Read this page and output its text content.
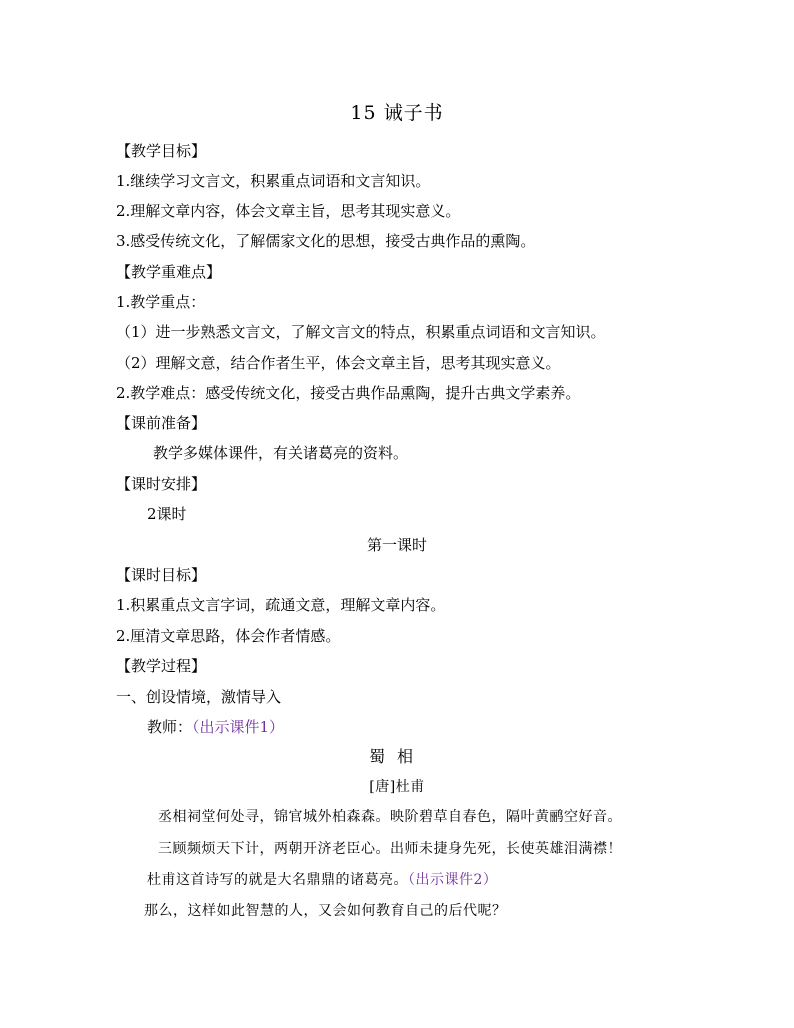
15 诫子书
【教学目标】
1.继续学习文言文，积累重点词语和文言知识。
2.理解文章内容，体会文章主旨，思考其现实意义。
3.感受传统文化，了解儒家文化的思想，接受古典作品的熏陶。
【教学重难点】
1.教学重点：
（1）进一步熟悉文言文，了解文言文的特点，积累重点词语和文言知识。
（2）理解文意，结合作者生平，体会文章主旨，思考其现实意义。
2.教学难点：感受传统文化，接受古典作品熏陶，提升古典文学素养。
【课前准备】
教学多媒体课件，有关诸葛亮的资料。
【课时安排】
2课时
第一课时
【课时目标】
1.积累重点文言字词，疏通文意，理解文章内容。
2.厘清文章思路，体会作者情感。
【教学过程】
一、创设情境，激情导入
教师：（出示课件1）
蜀相
[唐]杜甫
丞相祠堂何处寻，锦官城外柏森森。映阶碧草自春色，隔叶黄鹂空好音。
三顾频烦天下计，两朝开济老臣心。出师未捷身先死，长使英雄泪满襟！
杜甫这首诗写的就是大名鼎鼎的诸葛亮。（出示课件2）
那么，这样如此智慧的人，又会如何教育自己的后代呢？
